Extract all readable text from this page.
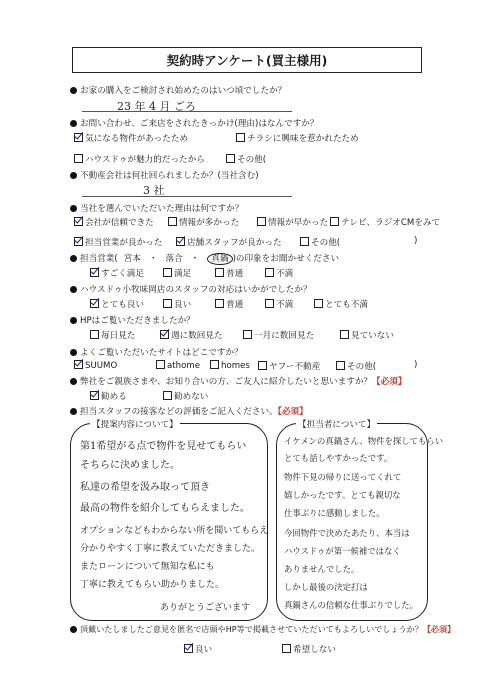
契約時アンケート(買主様用)
お家の購入をご検討され始めたのはいつ頃でしたか？
23 年 4 月 ごろ
お問い合わせ、ご来店をされたきっかけ(理由)はなんですか？
気になる物件があったため	チラシに興味を惹かれたため
ハウスドゥが魅力的だったから	その他(
不動産会社は何社回られましたか？(当社含む)
3 社
当社を選んでいただいた理由は何ですか？
会社が信頼できた	情報が多かった	情報が早かった	テレビ、ラジオCMをみて
担当営業が良かった	店舗スタッフが良かった	その他(	)
担当営業( 宮本 ・ 落合 ・ 真鍋 )の印象をお聞かせください
すごく満足	満足	普通	不満
ハウスドゥ小牧味岡店のスタッフの対応はいかがでしたか？
とても良い	良い	普通	不満	とても不満
HPはご覧いただきましたか？
毎日見た	週に数回見た	一月に数回見た	見ていない
よくご覧いただいたサイトはどこですか？
SUUMO	athome	homes	ヤフー不動産	その他(	)
弊社をご親族さまや、お知り合いの方、ご友人に紹介したいと思いますか？【必須】
勧める	勧めない
担当スタッフの接客などの評価をご記入ください。【必須】
【提案内容について】
第1希望がる点で物件を見せてもらい
そちらに決めました。
私達の希望を汲み取って頂き
最高の物件を紹介してもらえました。
オプションなどもわからない所を聞いてもらえ
分かりやすく丁寧に教えていただきました。
またローンについて無知な私にも
丁寧に教えてもらい助かりました。
ありがとうございます
【担当者について】
イケメンの真鍋さん、物件を探してもらい
とても話しやすかったです。
物件下見の帰りに送ってくれて
嬉しかったです。とても親切な
仕事ぶりに感動しました。
今回物件で決めたあたり、本当は
ハウスドゥが第一候補ではなく
ありませんでした。
しかし最後の決定打は
真鍋さんの信頼な仕事ぶりでした。
頂戴いたしましたご意見を匿名で店頭やHP等で掲載させていただいてもよろしいでしょうか？【必須】
良い	希望しない
